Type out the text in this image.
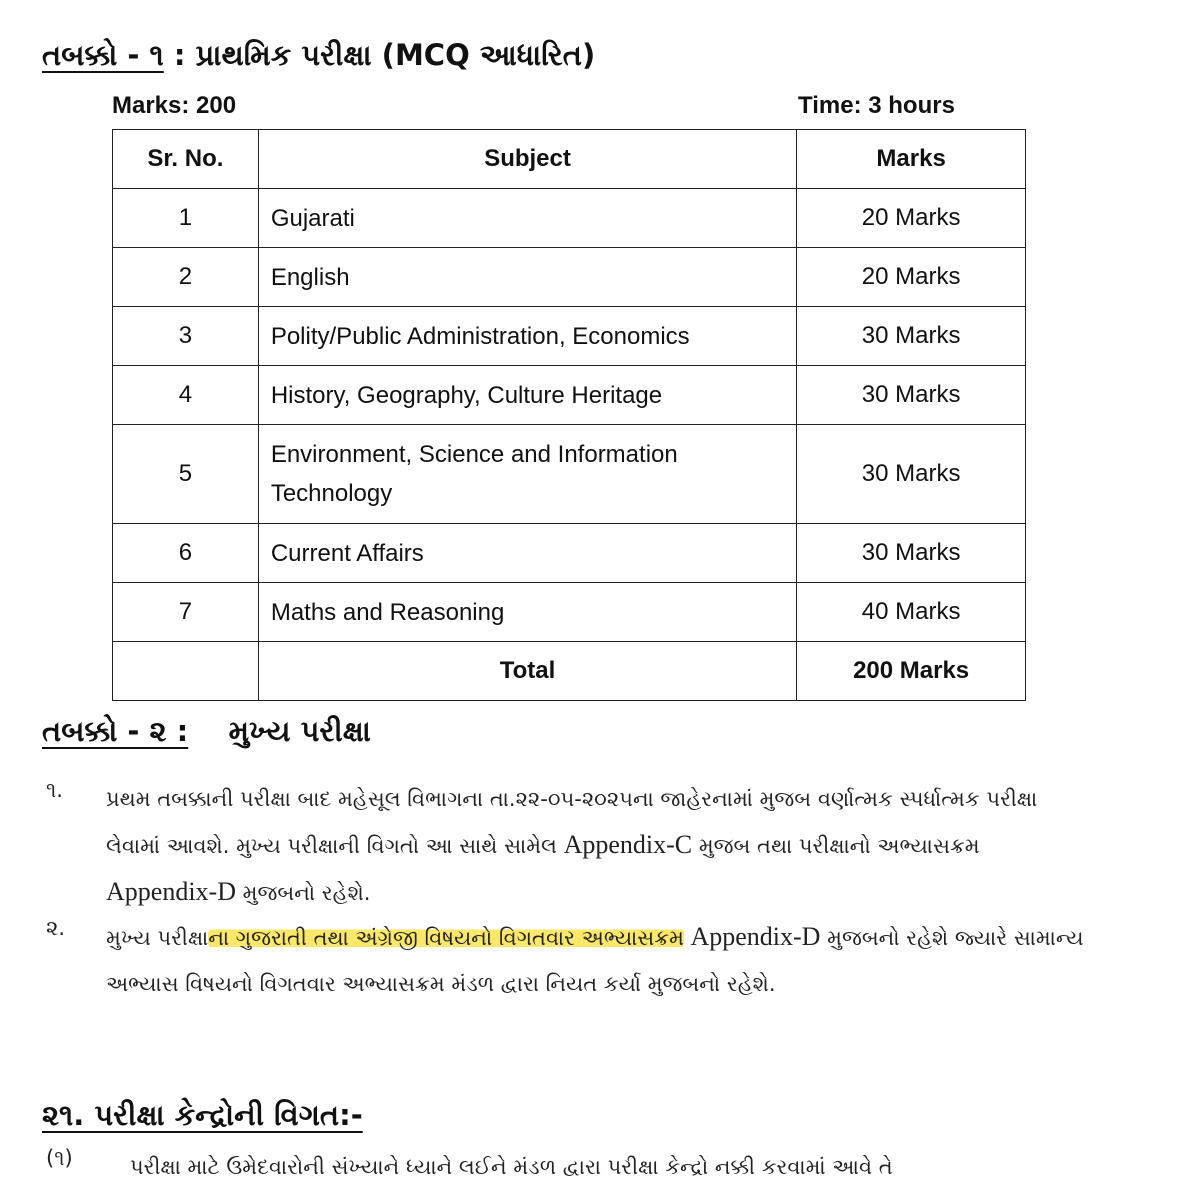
તબક્કો - ૧ : પ્રાથમિક પરીક્ષા (MCQ આધારિત)
Marks: 200	Time: 3 hours
Sr. No.	Subject	Marks
1	Gujarati	20 Marks
2	English	20 Marks
3	Polity/Public Administration, Economics	30 Marks
4	History, Geography, Culture Heritage	30 Marks
5	Environment, Science and Information Technology	30 Marks
6	Current Affairs	30 Marks
7	Maths and Reasoning	40 Marks
	Total	200 Marks
તબક્કો - ૨ : મુખ્ય પરીક્ષા
૧. પ્રથમ તબક્કાની પરીક્ષા બાદ મહેસૂલ વિભાગના તા.૨૨-૦૫-૨૦૨૫ના જાહેરનામાં મુજબ વર્ણાત્મક સ્પર્ધાત્મક પરીક્ષા લેવામાં આવશે. મુખ્ય પરીક્ષાની વિગતો આ સાથે સામેલ Appendix-C મુજબ તથા પરીક્ષાનો અભ્યાસક્રમ Appendix-D મુજબનો રહેશે.
૨. મુખ્ય પરીક્ષાના ગુજરાતી તથા અંગ્રેજી વિષયનો વિગતવાર અભ્યાસક્રમ Appendix-D મુજબનો રહેશે જ્યારે સામાન્ય અભ્યાસ વિષયનો વિગતવાર અભ્યાસક્રમ મંડળ દ્વારા નિયત કર્યા મુજબનો રહેશે.
૨૧. પરીક્ષા કેન્દ્રોની વિગત:-
(૧)	પરીક્ષા માટે ઉમેદવારોની સંખ્યાને ધ્યાને લઈને મંડળ દ્વારા પરીક્ષા કેન્દ્રો નક્કી કરવામાં આવે તે
